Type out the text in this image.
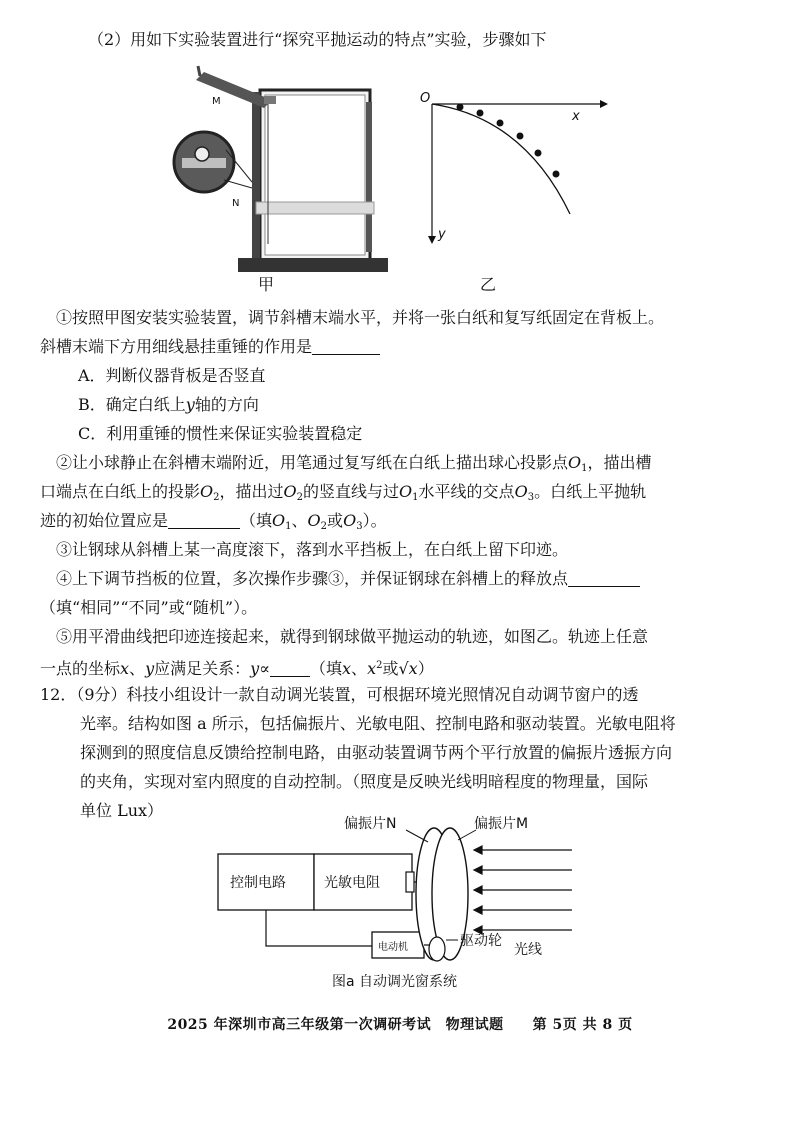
（2）用如下实验装置进行“探究平抛运动的特点”实验，步骤如下
M
N
甲
O
x
y
乙
①按照甲图安装实验装置，调节斜槽末端水平，并将一张白纸和复写纸固定在背板上。
斜槽末端下方用细线悬挂重锤的作用是
A．判断仪器背板是否竖直
B．确定白纸上y轴的方向
C．利用重锤的惯性来保证实验装置稳定
②让小球静止在斜槽末端附近，用笔通过复写纸在白纸上描出球心投影点$O_1$，描出槽
口端点在白纸上的投影$O_2$，描出过$O_2$的竖直线与过$O_1$水平线的交点$O_3$。白纸上平抛轨
迹的初始位置应是	（填$O_1$、$O_2$或$O_3$）。
③让钢球从斜槽上某一高度滚下，落到水平挡板上，在白纸上留下印迹。
④上下调节挡板的位置，多次操作步骤③，并保证钢球在斜槽上的释放点
（填“相同”“不同”或“随机”）。
⑤用平滑曲线把印迹连接起来，就得到钢球做平抛运动的轨迹，如图乙。轨迹上任意
一点的坐标x、y应满足关系：y∝	（填x、$x^2$或√x）
12．（9分）科技小组设计一款自动调光装置，可根据环境光照情况自动调节窗户的透
光率。结构如图 a 所示，包括偏振片、光敏电阻、控制电路和驱动装置。光敏电阻将
探测到的照度信息反馈给控制电路，由驱动装置调节两个平行放置的偏振片透振方向
的夹角，实现对室内照度的自动控制。（照度是反映光线明暗程度的物理量，国际
单位 Lux）
偏振片N	偏振片M
控制电路	光敏电阻
电动机	驱动轮
光线
图a 自动调光窗系统
2025 年深圳市高三年级第一次调研考试　物理试题　　第 5页 共 8 页
